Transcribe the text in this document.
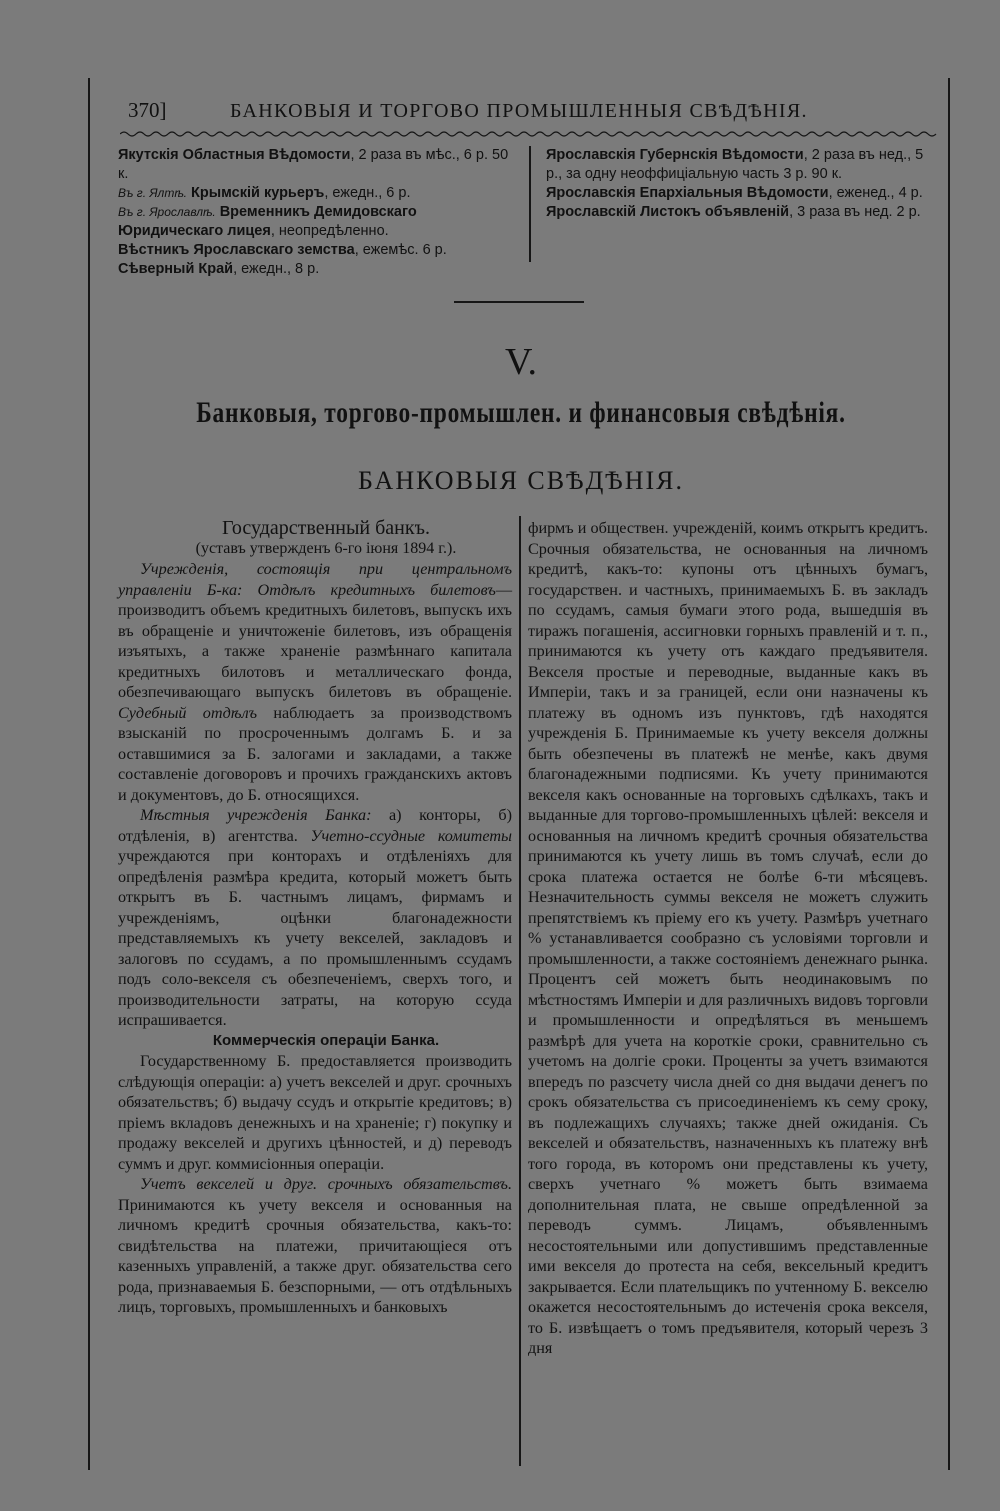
370]	БАНКОВЫЯ И ТОРГОВО ПРОМЫШЛЕННЫЯ СВѢДѢНІЯ.

Якутскія Областныя Вѣдомости, 2 раза въ мѣс., 6 р. 50 к.

Въ г. Ялтѣ. Крымскій курьеръ, ежедн., 6 р.

Въ г. Ярославлѣ. Временникъ Демидовскаго Юридическаго лицея, неопредѣленно.

Вѣстникъ Ярославскаго земства, ежемѣс. 6 р.

Сѣверный Край, ежедн., 8 р.

Ярославскія Губернскія Вѣдомости, 2 раза въ нед., 5 р., за одну неоффиціальную часть 3 р. 90 к.

Ярославскія Епархіальныя Вѣдомости, еженед., 4 р.

Ярославскій Листокъ объявленій, 3 раза въ нед. 2 р.

V.
Банковыя, торгово-промышлен. и финансовыя свѣдѣнія.
БАНКОВЫЯ СВѢДѢНІЯ.

Государственный банкъ.

(уставъ утвержденъ 6-го іюня 1894 г.).

Учрежденія, состоящія при центральномъ управленіи Б-ка: Отдѣлъ кредитныхъ билетовъ—производитъ объемъ кредитныхъ билетовъ, выпускъ ихъ въ обращеніе и уничтоженіе билетовъ, изъ обращенія изъятыхъ, а также храненіе размѣннаго капитала кредитныхъ билотовъ и металлическаго фонда, обезпечивающаго выпускъ билетовъ въ обращеніе. Судебный отдѣлъ наблюдаетъ за производствомъ взысканій по просроченнымъ долгамъ Б. и за оставшимися за Б. залогами и закладами, а также составленіе договоровъ и прочихъ гражданскихъ актовъ и документовъ, до Б. относящихся.

Мѣстныя учрежденія Банка: а) конторы, б) отдѣленія, в) агентства. Учетно-ссудные комитеты учреждаются при конторахъ и отдѣленіяхъ для опредѣленія размѣра кредита, который можетъ быть открытъ въ Б. частнымъ лицамъ, фирмамъ и учрежденіямъ, оцѣнки благонадежности представляемыхъ къ учету векселей, закладовъ и залоговъ по ссудамъ, а по промышленнымъ ссудамъ подъ соло-векселя съ обезпеченіемъ, сверхъ того, и производительности затраты, на которую ссуда испрашивается.

Коммерческія операціи Банка.

Государственному Б. предоставляется производить слѣдующія операціи: а) учетъ векселей и друг. срочныхъ обязательствъ; б) выдачу ссудъ и открытіе кредитовъ; в) пріемъ вкладовъ денежныхъ и на храненіе; г) покупку и продажу векселей и другихъ цѣнностей, и д) переводъ суммъ и друг. коммисіонныя операціи.

Учетъ векселей и друг. срочныхъ обязательствъ. Принимаются къ учету векселя и основанныя на личномъ кредитѣ срочныя обязательства, какъ-то: свидѣтельства на платежи, причитающіеся отъ казенныхъ управленій, а также друг. обязательства сего рода, признаваемыя Б. безспорными, — отъ отдѣльныхъ лицъ, торговыхъ, промышленныхъ и банковыхъ

фирмъ и обществен. учрежденій, коимъ открытъ кредитъ. Срочныя обязательства, не основанныя на личномъ кредитѣ, какъ-то: купоны отъ цѣнныхъ бумагъ, государствен. и частныхъ, принимаемыхъ Б. въ закладъ по ссудамъ, самыя бумаги этого рода, вышедшія въ тиражъ погашенія, ассигновки горныхъ правленій и т. п., принимаются къ учету отъ каждаго предъявителя. Векселя простые и переводные, выданные какъ въ Имперіи, такъ и за границей, если они назначены къ платежу въ одномъ изъ пунктовъ, гдѣ находятся учрежденія Б. Принимаемые къ учету векселя должны быть обезпечены въ платежѣ не менѣе, какъ двумя благонадежными подписями. Къ учету принимаются векселя какъ основанные на торговыхъ сдѣлкахъ, такъ и выданные для торгово-промышленныхъ цѣлей: векселя и основанныя на личномъ кредитѣ срочныя обязательства принимаются къ учету лишь въ томъ случаѣ, если до срока платежа остается не болѣе 6-ти мѣсяцевъ. Незначительность суммы векселя не можетъ служить препятствіемъ къ пріему его къ учету. Размѣръ учетнаго % устанавливается сообразно съ условіями торговли и промышленности, а также состояніемъ денежнаго рынка. Процентъ сей можетъ быть неодинаковымъ по мѣстностямъ Имперіи и для различныхъ видовъ торговли и промышленности и опредѣляться въ меньшемъ размѣрѣ для учета на короткіе сроки, сравнительно съ учетомъ на долгіе сроки. Проценты за учетъ взимаются впередъ по разсчету числа дней со дня выдачи денегъ по срокъ обязательства съ присоединеніемъ къ сему сроку, въ подлежащихъ случаяхъ; также дней ожиданія. Съ векселей и обязательствъ, назначенныхъ къ платежу внѣ того города, въ которомъ они представлены къ учету, сверхъ учетнаго % можетъ быть взимаема дополнительная плата, не свыше опредѣленной за переводъ суммъ. Лицамъ, объявленнымъ несостоятельными или допустившимъ представленные ими векселя до протеста на себя, вексельный кредитъ закрывается. Если плательщикъ по учтенному Б. векселю окажется несостоятельнымъ до истеченія срока векселя, то Б. извѣщаетъ о томъ предъявителя, который черезъ 3 дня
